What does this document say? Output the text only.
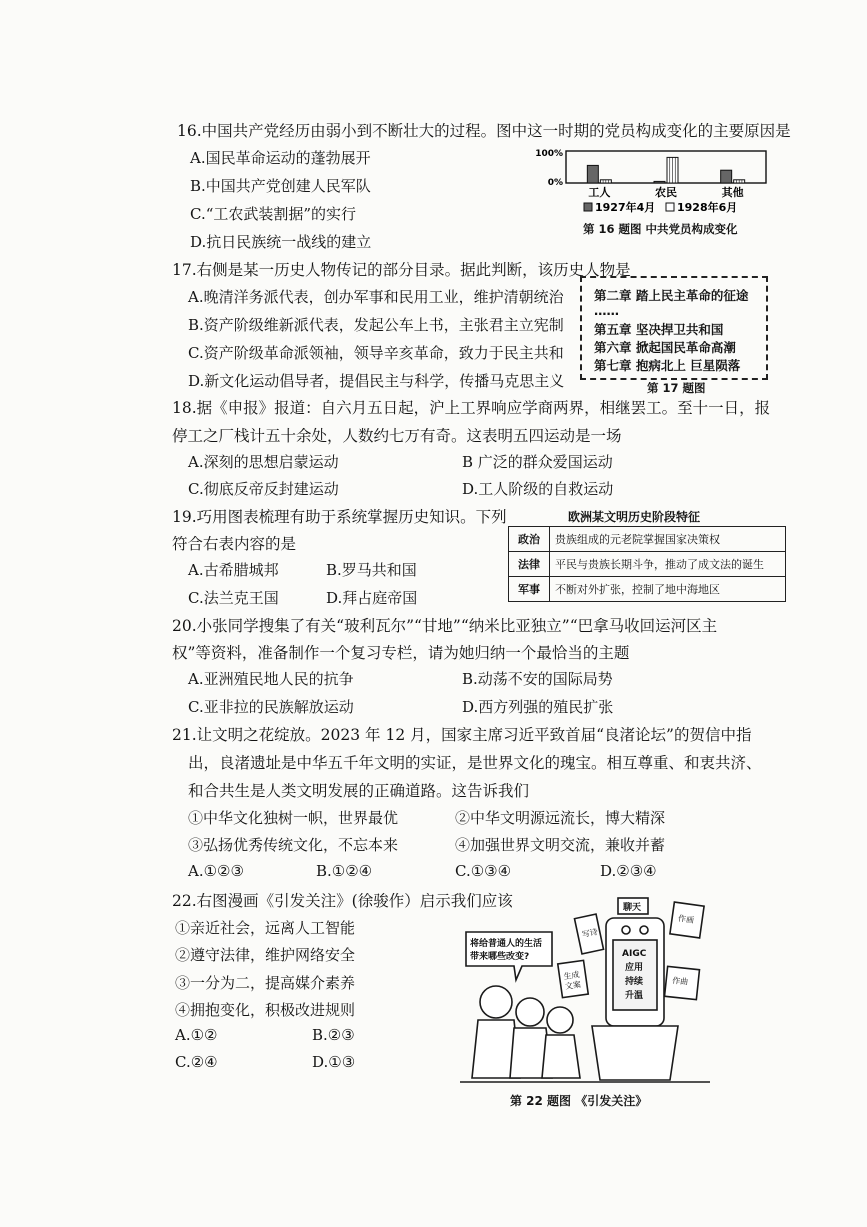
16.中国共产党经历由弱小到不断壮大的过程。图中这一时期的党员构成变化的主要原因是
A.国民革命运动的蓬勃展开
B.中国共产党创建人民军队
C.“工农武装割据”的实行
D.抗日民族统一战线的建立
100%
0%
工人	农民	其他
1927年4月 1928年6月
第 16 题图 中共党员构成变化
17.右侧是某一历史人物传记的部分目录。据此判断，该历史人物是
A.晚清洋务派代表，创办军事和民用工业，维护清朝统治
B.资产阶级维新派代表，发起公车上书，主张君主立宪制
C.资产阶级革命派领袖，领导辛亥革命，致力于民主共和
D.新文化运动倡导者，提倡民主与科学，传播马克思主义
第二章 踏上民主革命的征途
……
第五章 坚决捍卫共和国
第六章 掀起国民革命高潮
第七章 抱病北上 巨星陨落
第 17 题图
18.据《申报》报道：自六月五日起，沪上工界响应学商两界，相继罢工。至十一日，报
停工之厂栈计五十余处，人数约七万有奇。这表明五四运动是一场
A.深刻的思想启蒙运动	B 广泛的群众爱国运动
C.彻底反帝反封建运动	D.工人阶级的自救运动
19.巧用图表梳理有助于系统掌握历史知识。下列
符合右表内容的是
A.古希腊城邦	B.罗马共和国
C.法兰克王国	D.拜占庭帝国
欧洲某文明历史阶段特征
政治	贵族组成的元老院掌握国家决策权
法律	平民与贵族长期斗争，推动了成文法的诞生
军事	不断对外扩张，控制了地中海地区
20.小张同学搜集了有关“玻利瓦尔”“甘地”“纳米比亚独立”“巴拿马收回运河区主
权”等资料，准备制作一个复习专栏，请为她归纳一个最恰当的主题
A.亚洲殖民地人民的抗争	B.动荡不安的国际局势
C.亚非拉的民族解放运动	D.西方列强的殖民扩张
21.让文明之花绽放。2023 年 12 月，国家主席习近平致首届“良渚论坛”的贺信中指
出，良渚遗址是中华五千年文明的实证，是世界文化的瑰宝。相互尊重、和衷共济、
和合共生是人类文明发展的正确道路。这告诉我们
①中华文化独树一帜，世界最优	②中华文明源远流长，博大精深
③弘扬优秀传统文化，不忘本来	④加强世界文明交流，兼收并蓄
A.①②③	B.①②④	C.①③④	D.②③④
22.右图漫画《引发关注》(徐骏作）启示我们应该
①亲近社会，远离人工智能
②遵守法律，维护网络安全
③一分为二，提高媒介素养
④拥抱变化，积极改进规则
A.①②	B.②③
C.②④	D.①③
将给普通人的生活
带来哪些改变?	AIGC
应用
持续
升温
聊天
写诗
作画
生成
文案	作曲
第 22 题图 《引发关注》
